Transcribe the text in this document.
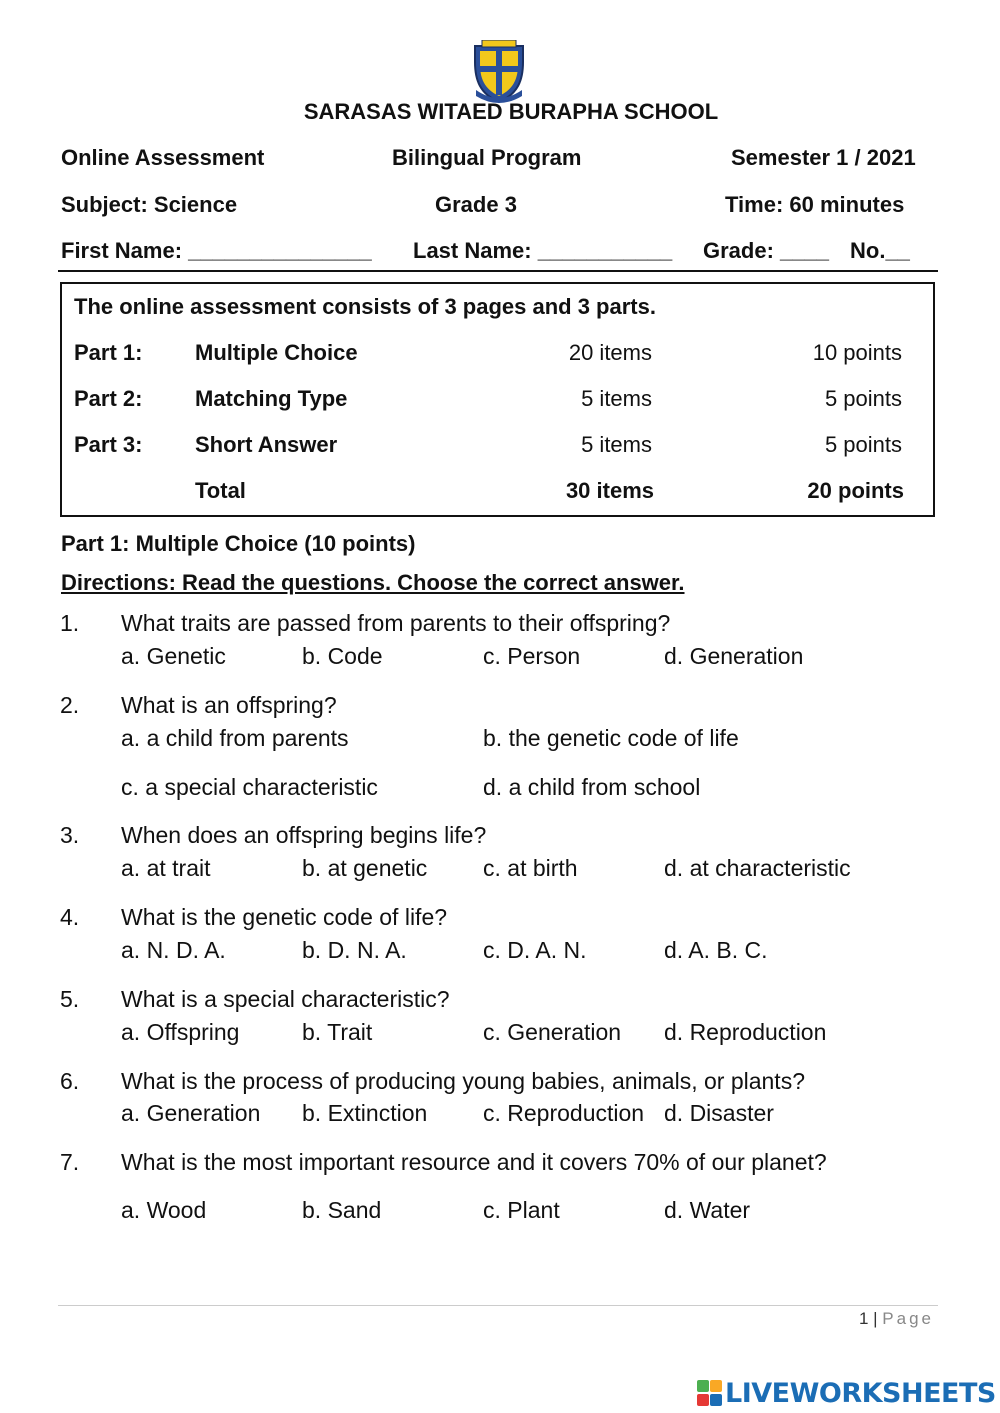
SARASAS WITAED BURAPHA SCHOOL
Online Assessment	Bilingual Program	Semester 1 / 2021
Subject: Science	Grade 3	Time: 60 minutes
First Name: _______________ Last Name: ___________ Grade: ____ No.__
The online assessment consists of 3 pages and 3 parts.
Part 1: Multiple Choice	20 items	10 points
Part 2: Matching Type	5 items	5 points
Part 3: Short Answer	5 items	5 points
Total	30 items	20 points
Part 1: Multiple Choice (10 points)
Directions: Read the questions. Choose the correct answer.
1. What traits are passed from parents to their offspring?
a. Genetic	b. Code	c. Person	d. Generation
2. What is an offspring?
a. a child from parents	b. the genetic code of life
c. a special characteristic	d. a child from school
3. When does an offspring begins life?
a. at trait	b. at genetic c. at birth	d. at characteristic
4. What is the genetic code of life?
a. N. D. A.	b. D. N. A.	c. D. A. N.	d. A. B. C.
5. What is a special characteristic?
a. Offspring	b. Trait	c. Generation d. Reproduction
6. What is the process of producing young babies, animals, or plants?
a. Generation b. Extinction c. Reproduction d. Disaster
7. What is the most important resource and it covers 70% of our planet?
a. Wood	b. Sand	c. Plant	d. Water
1 | Page
LIVEWORKSHEETS
